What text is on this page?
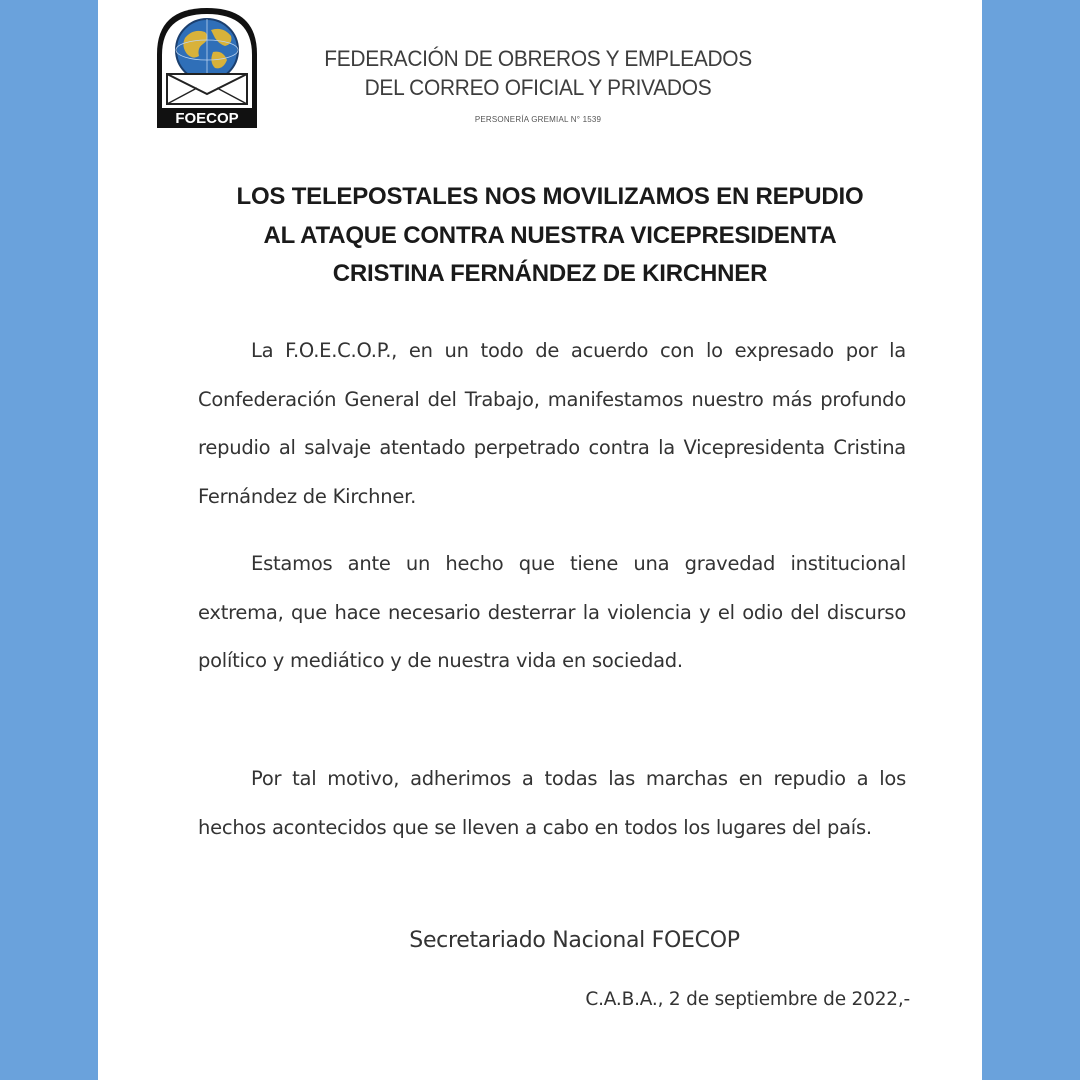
FOECOP
FEDERACIÓN DE OBREROS Y EMPLEADOS
DEL CORREO OFICIAL Y PRIVADOS
PERSONERÍA GREMIAL N° 1539
LOS TELEPOSTALES NOS MOVILIZAMOS EN REPUDIO
AL ATAQUE CONTRA NUESTRA VICEPRESIDENTA
CRISTINA FERNÁNDEZ DE KIRCHNER

La F.O.E.C.O.P., en un todo de acuerdo con lo expresado por la Confederación General del Trabajo, manifestamos nuestro más profundo repudio al salvaje atentado perpetrado contra la Vicepresidenta Cristina Fernández de Kirchner.

Estamos ante un hecho que tiene una gravedad institucional extrema, que hace necesario desterrar la violencia y el odio del discurso político y mediático y de nuestra vida en sociedad.

Por tal motivo, adherimos a todas las marchas en repudio a los hechos acontecidos que se lleven a cabo en todos los lugares del país.

Secretariado Nacional FOECOP
C.A.B.A., 2 de septiembre de 2022,-
